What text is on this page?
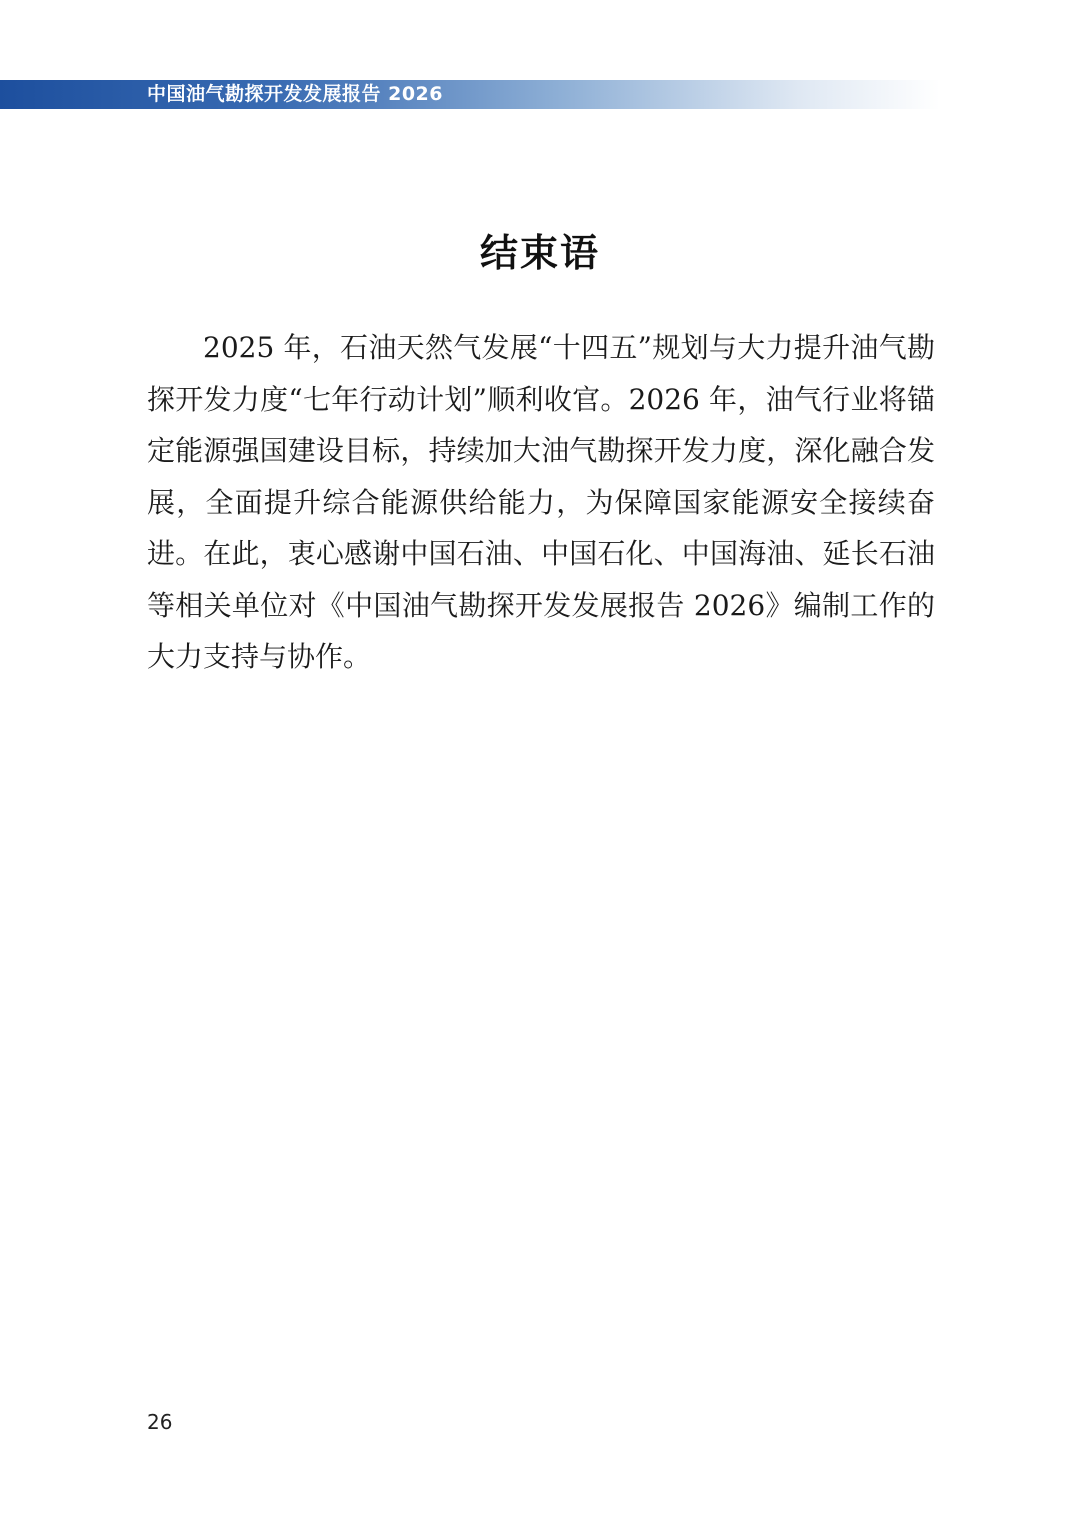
中国油气勘探开发发展报告 2026
结束语

2025 年，石油天然气发展“十四五”规划与大力提升油气勘探开发力度“七年行动计划”顺利收官。2026 年，油气行业将锚定能源强国建设目标，持续加大油气勘探开发力度，深化融合发展，全面提升综合能源供给能力，为保障国家能源安全接续奋进。在此，衷心感谢中国石油、中国石化、中国海油、延长石油等相关单位对《中国油气勘探开发发展报告 2026》编制工作的大力支持与协作。

26
